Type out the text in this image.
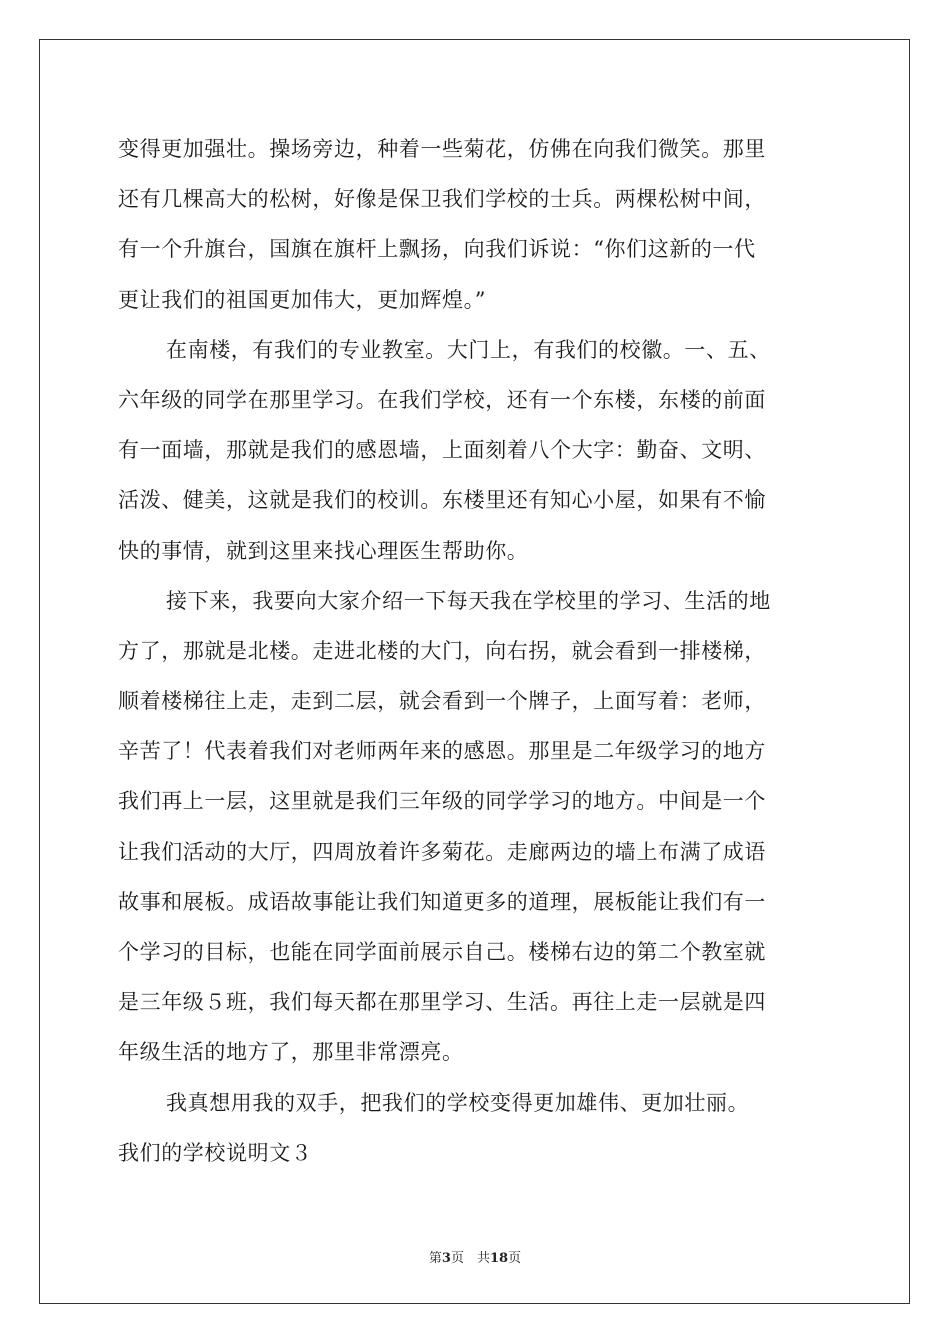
变得更加强壮。操场旁边，种着一些菊花，仿佛在向我们微笑。那里
还有几棵高大的松树，好像是保卫我们学校的士兵。两棵松树中间，
有一个升旗台，国旗在旗杆上飘扬，向我们诉说：“你们这新的一代
更让我们的祖国更加伟大，更加辉煌。”
在南楼，有我们的专业教室。大门上，有我们的校徽。一、五、
六年级的同学在那里学习。在我们学校，还有一个东楼，东楼的前面
有一面墙，那就是我们的感恩墙，上面刻着八个大字：勤奋、文明、
活泼、健美，这就是我们的校训。东楼里还有知心小屋，如果有不愉
快的事情，就到这里来找心理医生帮助你。
接下来，我要向大家介绍一下每天我在学校里的学习、生活的地
方了，那就是北楼。走进北楼的大门，向右拐，就会看到一排楼梯，
顺着楼梯往上走，走到二层，就会看到一个牌子，上面写着：老师，
辛苦了！代表着我们对老师两年来的感恩。那里是二年级学习的地方
我们再上一层，这里就是我们三年级的同学学习的地方。中间是一个
让我们活动的大厅，四周放着许多菊花。走廊两边的墙上布满了成语
故事和展板。成语故事能让我们知道更多的道理，展板能让我们有一
个学习的目标，也能在同学面前展示自己。楼梯右边的第二个教室就
是三年级５班，我们每天都在那里学习、生活。再往上走一层就是四
年级生活的地方了，那里非常漂亮。
我真想用我的双手，把我们的学校变得更加雄伟、更加壮丽。
我们的学校说明文３
第3页　共18页
